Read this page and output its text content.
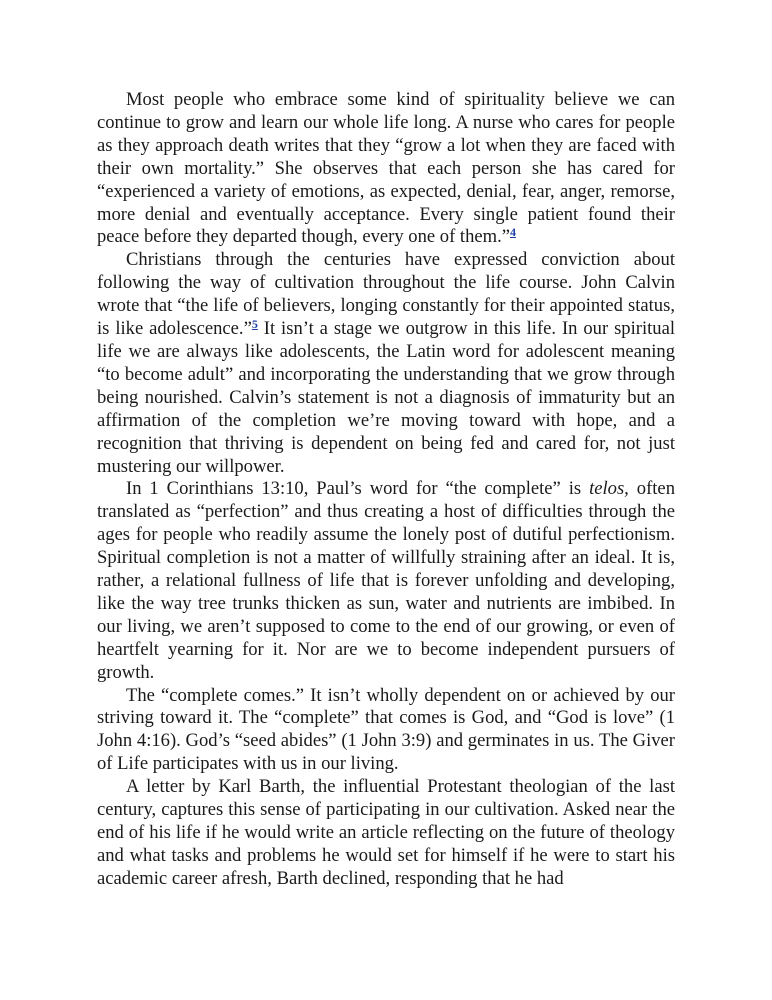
Most people who embrace some kind of spirituality believe we can continue to grow and learn our whole life long. A nurse who cares for people as they approach death writes that they “grow a lot when they are faced with their own mortality.” She observes that each person she has cared for “experienced a variety of emotions, as expected, denial, fear, anger, remorse, more denial and eventually acceptance. Every single patient found their peace before they departed though, every one of them.”$^4$

Christians through the centuries have expressed conviction about following the way of cultivation throughout the life course. John Calvin wrote that “the life of believers, longing constantly for their appointed status, is like adolescence.”$^5$ It isn’t a stage we outgrow in this life. In our spiritual life we are always like adolescents, the Latin word for adolescent meaning “to become adult” and incorporating the understanding that we grow through being nourished. Calvin’s statement is not a diagnosis of immaturity but an affirmation of the completion we’re moving toward with hope, and a recognition that thriving is dependent on being fed and cared for, not just mustering our willpower.

In 1 Corinthians 13:10, Paul’s word for “the complete” is telos, often translated as “perfection” and thus creating a host of difficulties through the ages for people who readily assume the lonely post of dutiful perfectionism. Spiritual completion is not a matter of willfully straining after an ideal. It is, rather, a relational fullness of life that is forever unfolding and developing, like the way tree trunks thicken as sun, water and nutrients are imbibed. In our living, we aren’t supposed to come to the end of our growing, or even of heartfelt yearning for it. Nor are we to become independent pursuers of growth.

The “complete comes.” It isn’t wholly dependent on or achieved by our striving toward it. The “complete” that comes is God, and “God is love” (1 John 4:16). God’s “seed abides” (1 John 3:9) and germinates in us. The Giver of Life participates with us in our living.

A letter by Karl Barth, the influential Protestant theologian of the last century, captures this sense of participating in our cultivation. Asked near the end of his life if he would write an article reflecting on the future of theology and what tasks and problems he would set for himself if he were to start his academic career afresh, Barth declined, responding that he had
